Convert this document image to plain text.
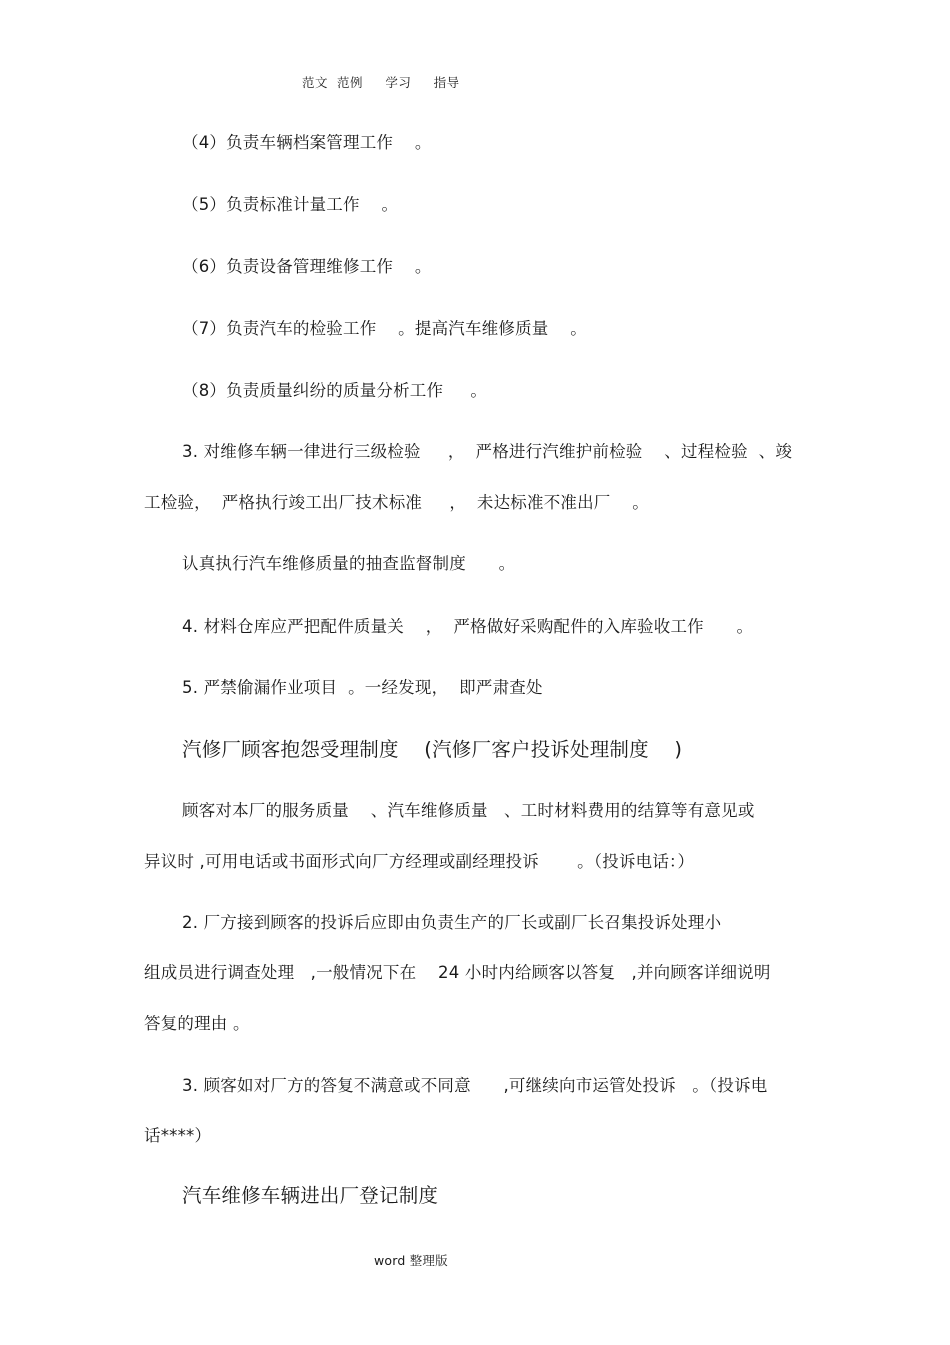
范文  范例     学习     指导
（4）负责车辆档案管理工作    。
（5）负责标准计量工作    。
（6）负责设备管理维修工作    。
（7）负责汽车的检验工作    。提高汽车维修质量    。
（8）负责质量纠纷的质量分析工作     。
3. 对维修车辆一律进行三级检验     ，  严格进行汽维护前检验    、过程检验  、竣
工检验，  严格执行竣工出厂技术标准     ，  未达标准不准出厂    。
认真执行汽车维修质量的抽查监督制度      。
4. 材料仓库应严把配件质量关    ，  严格做好采购配件的入库验收工作      。
5. 严禁偷漏作业项目  。一经发现，  即严肃查处
汽修厂顾客抱怨受理制度    (汽修厂客户投诉处理制度    )
顾客对本厂的服务质量    、汽车维修质量   、工时材料费用的结算等有意见或
异议时 ,可用电话或书面形式向厂方经理或副经理投诉       。（投诉电话：）
2. 厂方接到顾客的投诉后应即由负责生产的厂长或副厂长召集投诉处理小
组成员进行调查处理   ,一般情况下在    24 小时内给顾客以答复   ,并向顾客详细说明
答复的理由 。
3. 顾客如对厂方的答复不满意或不同意      ,可继续向市运管处投诉   。（投诉电
话****）
汽车维修车辆进出厂登记制度
word 整理版
